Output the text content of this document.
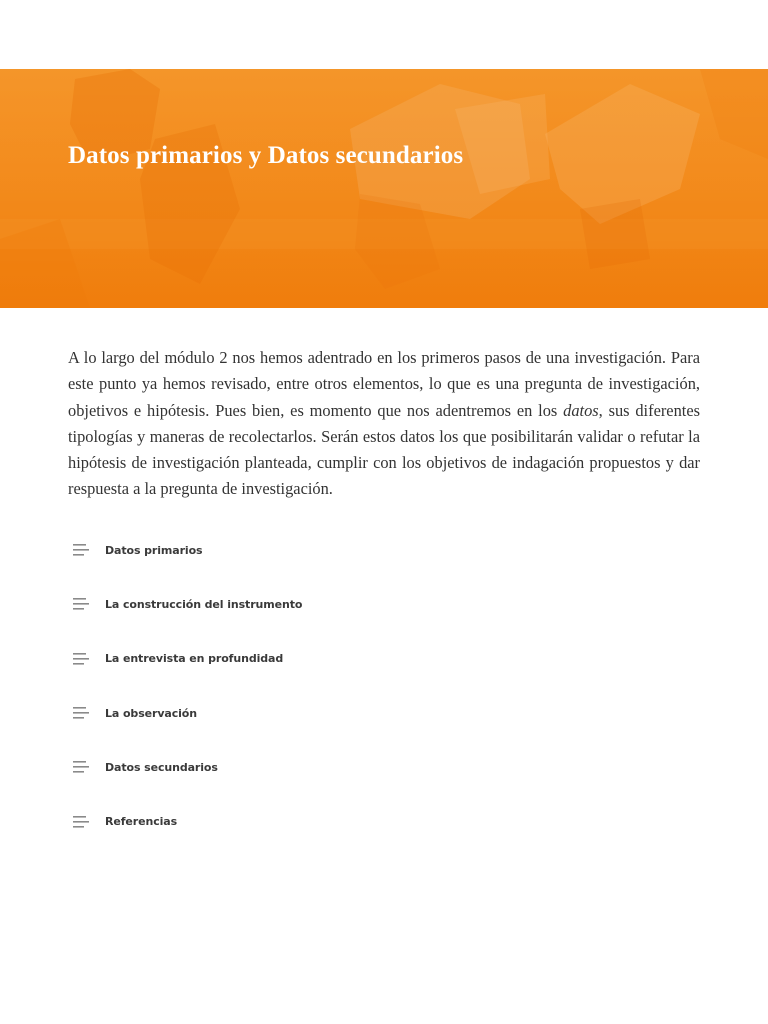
Datos primarios y Datos secundarios

A lo largo del módulo 2 nos hemos adentrado en los primeros pasos de una investigación. Para este punto ya hemos revisado, entre otros elementos, lo que es una pregunta de investigación, objetivos e hipótesis. Pues bien, es momento que nos adentremos en los datos, sus diferentes tipologías y maneras de recolectarlos. Serán estos datos los que posibilitarán validar o refutar la hipótesis de investigación planteada, cumplir con los objetivos de indagación propuestos y dar respuesta a la pregunta de investigación.

Datos primarios
La construcción del instrumento
La entrevista en profundidad
La observación
Datos secundarios
Referencias
